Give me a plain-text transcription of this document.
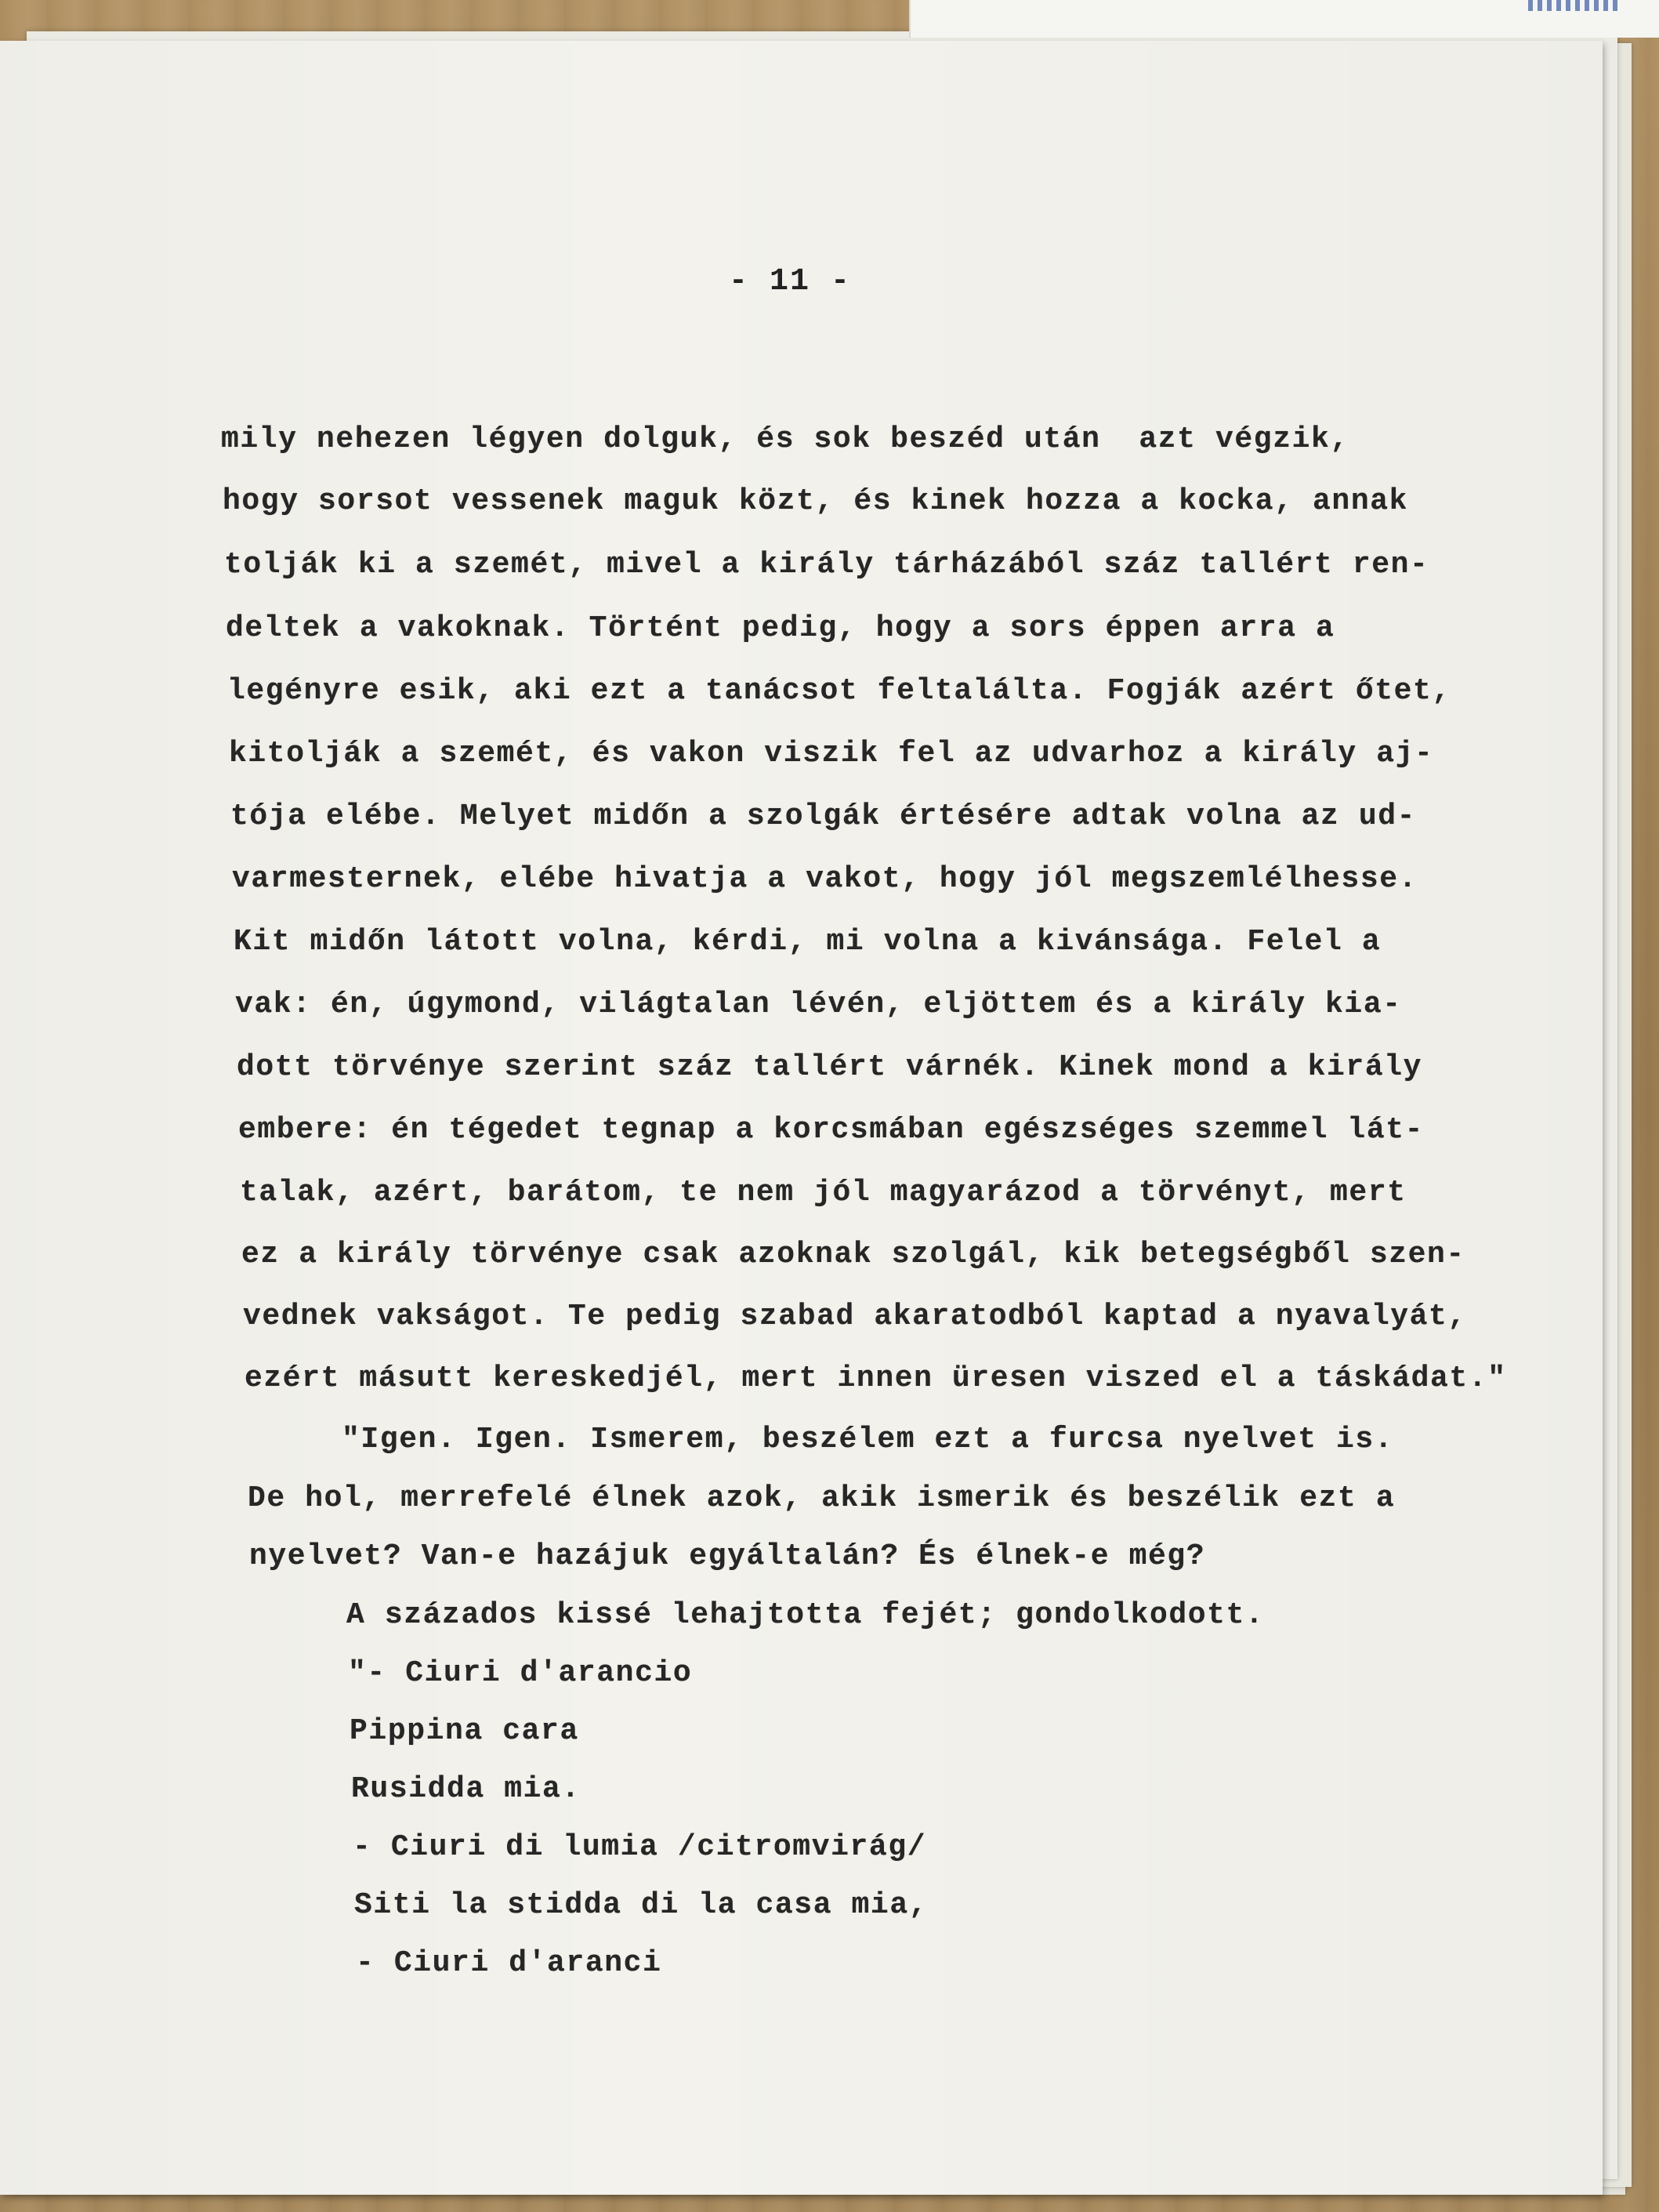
- 11 -
mily nehezen légyen dolguk, és sok beszéd után  azt végzik,
hogy sorsot vessenek maguk közt, és kinek hozza a kocka, annak
tolják ki a szemét, mivel a király tárházából száz tallért ren-
deltek a vakoknak. Történt pedig, hogy a sors éppen arra a
legényre esik, aki ezt a tanácsot feltalálta. Fogják azért őtet,
kitolják a szemét, és vakon viszik fel az udvarhoz a király aj-
tója elébe. Melyet midőn a szolgák értésére adtak volna az ud-
varmesternek, elébe hivatja a vakot, hogy jól megszemlélhesse.
Kit midőn látott volna, kérdi, mi volna a kivánsága. Felel a
vak: én, úgymond, világtalan lévén, eljöttem és a király kia-
dott törvénye szerint száz tallért várnék. Kinek mond a király
embere: én tégedet tegnap a korcsmában egészséges szemmel lát-
talak, azért, barátom, te nem jól magyarázod a törvényt, mert
ez a király törvénye csak azoknak szolgál, kik betegségből szen-
vednek vakságot. Te pedig szabad akaratodból kaptad a nyavalyát,
ezért másutt kereskedjél, mert innen üresen viszed el a táskádat."
"Igen. Igen. Ismerem, beszélem ezt a furcsa nyelvet is.
De hol, merrefelé élnek azok, akik ismerik és beszélik ezt a
nyelvet? Van-e hazájuk egyáltalán? És élnek-e még?
A százados kissé lehajtotta fejét; gondolkodott.
"- Ciuri d'arancio
Pippina cara
Rusidda mia.
- Ciuri di lumia /citromvirág/
Siti la stidda di la casa mia,
- Ciuri d'aranci
